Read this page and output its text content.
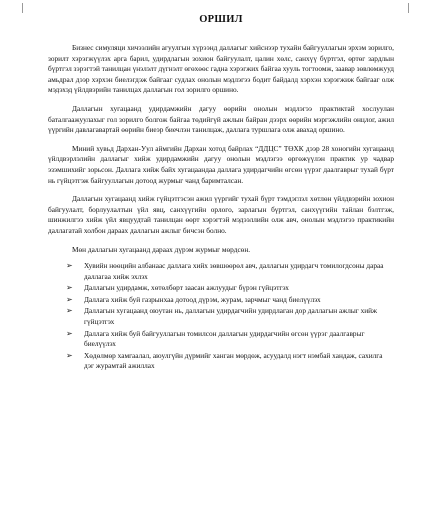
ОРШИЛ

Бизнес симуляци хичээлийн агуулгын хүрээнд даллагыг хийснээр тухайн байгууллагын эрхэм зорилго, зорилт хэрэгжүүлэх арга барил, удирдлагын зохион байгуулалт, цалин хөлс, санхүү бүртгэл, өртөг зардлын бүртгэл зэрэгтэй танилцан үнэлэлт дүгнэлт өгөхөөс гадна хэрэгжих байгаа хууль тогтоомж, заавар зөвлөмжууд амьдрал дээр хэрхэн биелэгдэж байгааг судлах онолын мэдлэгээ бодит байдалд хэрхэн хэрэгжиж байгааг олж мэдэхэд үйлдвэрийн танилцах даллагын гол зорилго оршино.

Даллагын хугацаанд удирдамжийн дагуу өөрийн онолын мэдлэгээ практиктай хослуулан баталгаажуулахыг гол зорилго болгож байгаа төдийгүй ажлын байран дээрх өөрийн мэргэжлийн онцлог, ажил үүргийн давлагавартай өөрийн биеэр биечлэн танилцаж, даллага туршлага олж авахад оршино.

Миний хувьд Дархан-Уул аймгийн Дархан хотод байрлах “ДДЦС” ТӨХК дээр 28 хоногийн хугацаанд үйлдвэрлэлийн даллагыг хийж удирдамжийн дагуу онолын мэдлэгээ өргөжүүлэн практик ур чадвар эзэмшихийг зорьсон. Даллага хийж байх хугацаандаа даллага удирдагчийн өгсөн үүрэг даалгаврыг тухай бүрт нь гүйцэтгэж байгууллагын дотоод журмыг чанд баримталсан.

Даллагын хугацаанд хийж гүйцэтгэсэн ажил үүргийг тухай бүрт тэмдэглэл хөтлөн үйлдвэрийн зохион байгуулалт, борлуулалтын үйл явц, санхүүгийн орлого, зарлагын бүртгэл, санхүүгийн тайлан бэлтгэж, шинжилгээ хийж үйл явцуудтай танилцан өөрт хэрэгтэй мэдээллийн олж авч, онолын мэдлэгээ практикийн даллагатай холбон дараах даллагын ажлыг бичсэн болно.

Мөн даллагын хугацаанд дараах дүрэм журмыг мөрдсөн.

➢ Хувийн нөөцийн албанаас даллага хийх зөвшөөрөл авч, даллагын удирдагч томилогдсоны дараа даллагаа хийж эхлэх
➢ Даллагын удирдамж, хөтөлбөрт заасан ажлуудыг бүрэн гүйцэтгэх
➢ Даллага хийж буй газрынхаа дотоод дүрэм, журам, зарчмыг чанд биелүүлэх
➢ Даллагын хугацаанд оюутан нь, даллагын удирдагчийн удирдлаган дор даллагын ажлыг хийж гүйцэтгэх
➢ Даллага хийж буй байгууллагын томилсон даллагын удирдагчийн өгсөн үүрэг даалгаврыг биелүүлэх
➢ Хөдөлмөр хамгаалал, аюулгүйн дүрмийг ханган мөрдөж, асуудалд нэгт нэмбай хандаж, сахилга дэг журамтай ажиллах
